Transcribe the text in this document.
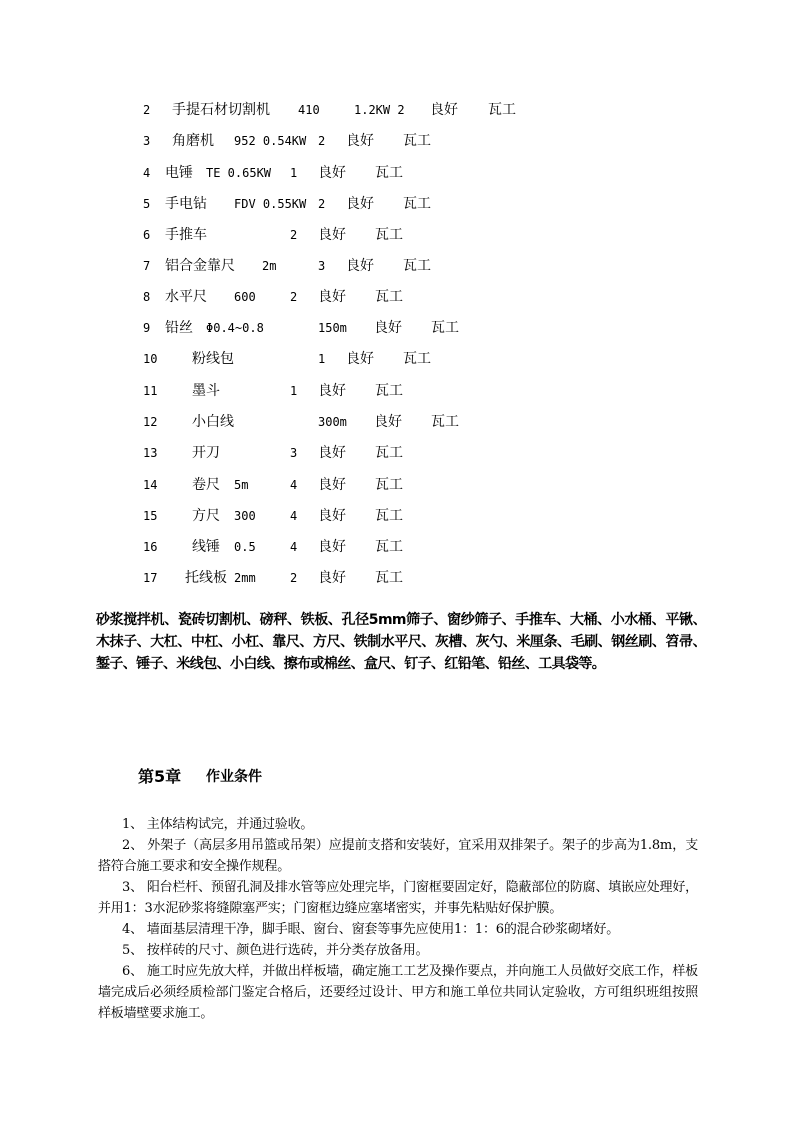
2 手提石材切割机 410	1.2KW 2 良好 瓦工
3 角磨机 952 0.54KW 2 良好 瓦工
4 电锤 TE 0.65KW 1 良好 瓦工
5 手电钻 FDV 0.55KW 2 良好 瓦工
6 手推车	2 良好 瓦工
7 铝合金靠尺 2m	3 良好 瓦工
8 水平尺 600	2 良好 瓦工
9 铅丝 Φ0.4~0.8	150m 良好 瓦工
10 粉线包	1 良好 瓦工
11 墨斗	1 良好 瓦工
12 小白线	300m 良好 瓦工
13 开刀	3 良好 瓦工
14 卷尺 5m	4 良好 瓦工
15 方尺 300	4 良好 瓦工
16 线锤 0.5	4 良好 瓦工
17 托线板 2mm	2 良好 瓦工

砂浆搅拌机、瓷砖切割机、磅秤、铁板、孔径5mm筛子、窗纱筛子、手推车、大桶、小水桶、平锹、木抹子、大杠、中杠、小杠、靠尺、方尺、铁制水平尺、灰槽、灰勺、米厘条、毛刷、钢丝刷、笤帚、錾子、锤子、米线包、小白线、擦布或棉丝、盒尺、钉子、红铅笔、铅丝、工具袋等。

第5章 作业条件

1、 主体结构试完，并通过验收。

2、 外架子（高层多用吊篮或吊架）应提前支搭和安装好，宜采用双排架子。架子的步高为1.8m，支搭符合施工要求和安全操作规程。

3、 阳台栏杆、预留孔洞及排水管等应处理完毕，门窗框要固定好，隐蔽部位的防腐、填嵌应处理好，并用1：3水泥砂浆将缝隙塞严实；门窗框边缝应塞堵密实，并事先粘贴好保护膜。

4、 墙面基层清理干净，脚手眼、窗台、窗套等事先应使用1：1：6的混合砂浆砌堵好。

5、 按样砖的尺寸、颜色进行选砖，并分类存放备用。

6、 施工时应先放大样，并做出样板墙，确定施工工艺及操作要点，并向施工人员做好交底工作，样板墙完成后必须经质检部门鉴定合格后，还要经过设计、甲方和施工单位共同认定验收，方可组织班组按照样板墙壁要求施工。
